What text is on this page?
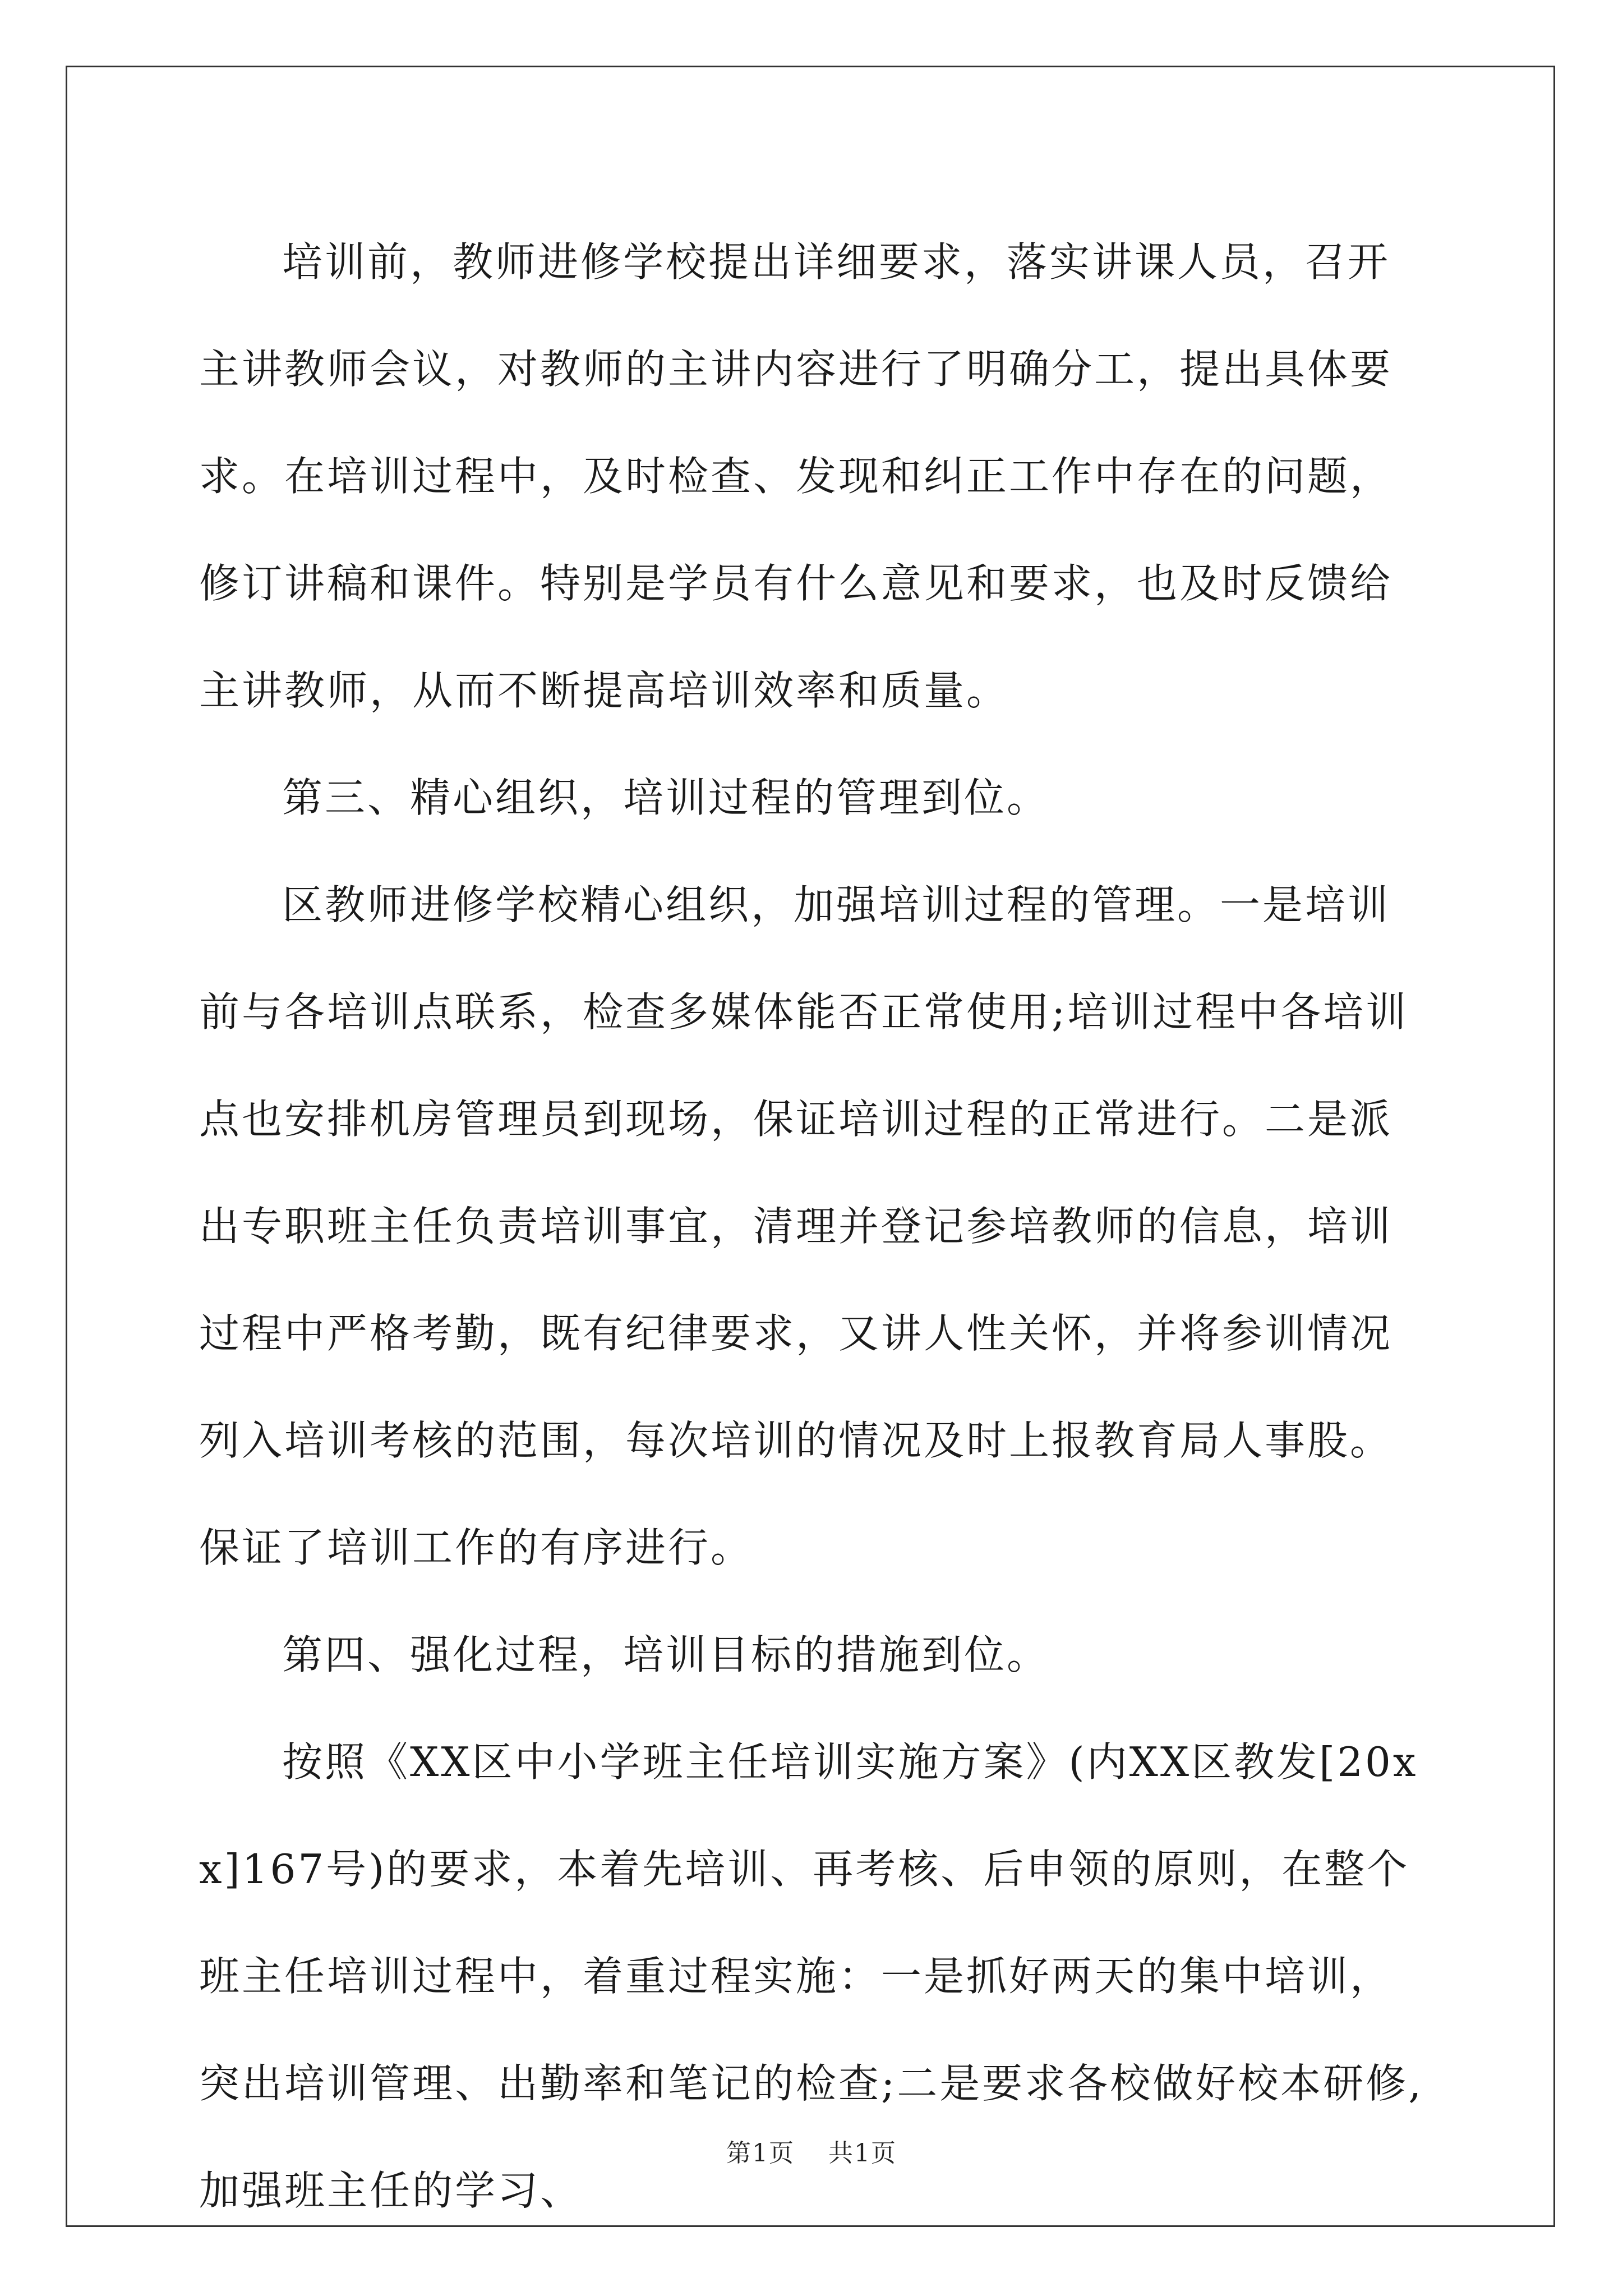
培训前，教师进修学校提出详细要求，落实讲课人员，召开主讲教师会议，对教师的主讲内容进行了明确分工，提出具体要求。在培训过程中，及时检查、发现和纠正工作中存在的问题，修订讲稿和课件。特别是学员有什么意见和要求，也及时反馈给主讲教师，从而不断提高培训效率和质量。

第三、精心组织，培训过程的管理到位。

区教师进修学校精心组织，加强培训过程的管理。一是培训前与各培训点联系，检查多媒体能否正常使用;培训过程中各培训点也安排机房管理员到现场，保证培训过程的正常进行。二是派出专职班主任负责培训事宜，清理并登记参培教师的信息，培训过程中严格考勤，既有纪律要求，又讲人性关怀，并将参训情况列入培训考核的范围，每次培训的情况及时上报教育局人事股。保证了培训工作的有序进行。

第四、强化过程，培训目标的措施到位。

按照《XX区中小学班主任培训实施方案》(内XX区教发[20xx]167号)的要求，本着先培训、再考核、后申领的原则，在整个班主任培训过程中，着重过程实施：一是抓好两天的集中培训，突出培训管理、出勤率和笔记的检查;二是要求各校做好校本研修,加强班主任的学习、

第1页 共1页
